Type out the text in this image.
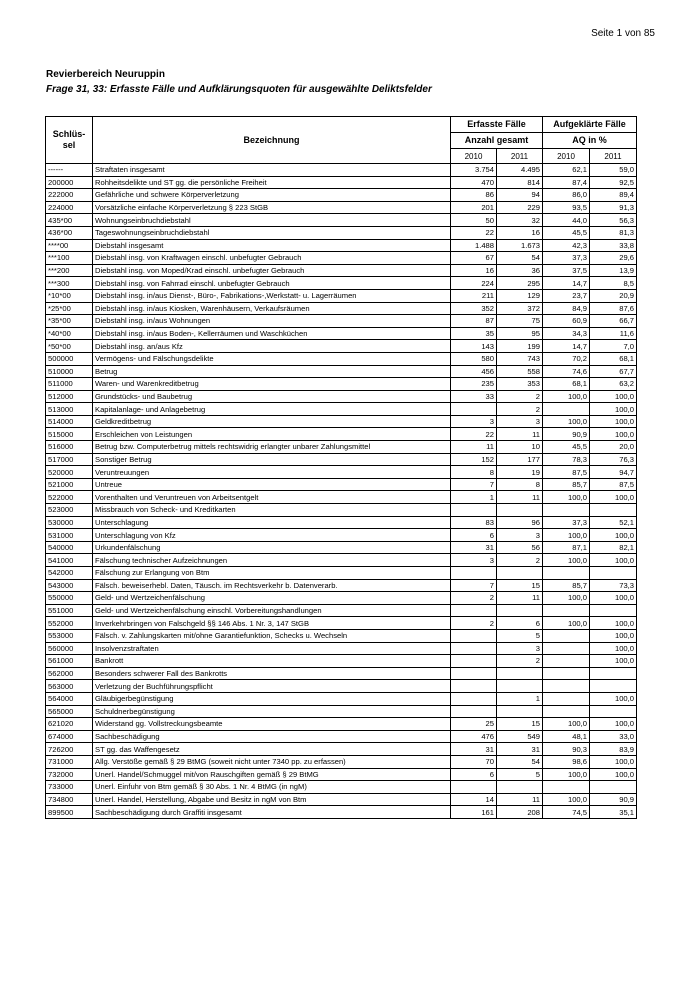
Seite 1 von 85
Revierbereich Neuruppin
Frage 31, 33: Erfasste Fälle und Aufklärungsquoten für ausgewählte Deliktsfelder
Schlüs-
sel	Bezeichnung	Erfasste Fälle		Aufgeklärte Fälle	
		Anzahl gesamt		AQ in %	
		2010	2011	2010	2011
------	Straftaten insgesamt	3.754	4.495	62,1	59,0
200000	Rohheitsdelikte und ST gg. die persönliche Freiheit	470	814	87,4	92,5
222000	Gefährliche und schwere Körperverletzung	86	94	86,0	89,4
224000	Vorsätzliche einfache Körperverletzung § 223 StGB	201	229	93,5	91,3
435*00	Wohnungseinbruchdiebstahl	50	32	44,0	56,3
436*00	Tageswohnungseinbruchdiebstahl	22	16	45,5	81,3
****00	Diebstahl insgesamt	1.488	1.673	42,3	33,8
***100	Diebstahl insg. von Kraftwagen einschl. unbefugter Gebrauch	67	54	37,3	29,6
***200	Diebstahl insg. von Moped/Krad einschl. unbefugter Gebrauch	16	36	37,5	13,9
***300	Diebstahl insg. von Fahrrad einschl. unbefugter Gebrauch	224	295	14,7	8,5
*10*00	Diebstahl insg. in/aus Dienst-, Büro-, Fabrikations-,Werkstatt- u. Lagerräumen	211	129	23,7	20,9
*25*00	Diebstahl insg. in/aus Kiosken, Warenhäusern, Verkaufsräumen	352	372	84,9	87,6
*35*00	Diebstahl insg. in/aus Wohnungen	87	75	60,9	66,7
*40*00	Diebstahl insg. in/aus Boden-, Kellerräumen und Waschküchen	35	95	34,3	11,6
*50*00	Diebstahl insg. an/aus Kfz	143	199	14,7	7,0
500000	Vermögens- und Fälschungsdelikte	580	743	70,2	68,1
510000	Betrug	456	558	74,6	67,7
511000	Waren- und Warenkreditbetrug	235	353	68,1	63,2
512000	Grundstücks- und Baubetrug	33	2	100,0	100,0
513000	Kapitalanlage- und Anlagebetrug		2		100,0
514000	Geldkreditbetrug	3	3	100,0	100,0
515000	Erschleichen von Leistungen	22	11	90,9	100,0
516000	Betrug bzw. Computerbetrug mittels rechtswidrig erlangter unbarer Zahlungsmittel	11	10	45,5	20,0
517000	Sonstiger Betrug	152	177	78,3	76,3
520000	Veruntreuungen	8	19	87,5	94,7
521000	Untreue	7	8	85,7	87,5
522000	Vorenthalten und Veruntreuen von Arbeitsentgelt	1	11	100,0	100,0
523000	Missbrauch von Scheck- und Kreditkarten				
530000	Unterschlagung	83	96	37,3	52,1
531000	Unterschlagung von Kfz	6	3	100,0	100,0
540000	Urkundenfälschung	31	56	87,1	82,1
541000	Fälschung technischer Aufzeichnungen	3	2	100,0	100,0
542000	Fälschung zur Erlangung von Btm				
543000	Fälsch. beweiserhebl. Daten, Täusch. im Rechtsverkehr b. Datenverarb.	7	15	85,7	73,3
550000	Geld- und Wertzeichenfälschung	2	11	100,0	100,0
551000	Geld- und Wertzeichenfälschung einschl. Vorbereitungshandlungen				
552000	Inverkehrbringen von Falschgeld §§ 146 Abs. 1 Nr. 3, 147 StGB	2	6	100,0	100,0
553000	Fälsch. v. Zahlungskarten mit/ohne Garantiefunktion, Schecks u. Wechseln		5		100,0
560000	Insolvenzstraftaten		3		100,0
561000	Bankrott		2		100,0
562000	Besonders schwerer Fall des Bankrotts				
563000	Verletzung der Buchführungspflicht				
564000	Gläubigerbegünstigung		1		100,0
565000	Schuldnerbegünstigung				
621020	Widerstand gg. Vollstreckungsbeamte	25	15	100,0	100,0
674000	Sachbeschädigung	476	549	48,1	33,0
726200	ST gg. das Waffengesetz	31	31	90,3	83,9
731000	Allg. Verstöße gemäß § 29 BtMG (soweit nicht unter 7340 pp. zu erfassen)	70	54	98,6	100,0
732000	Unerl. Handel/Schmuggel mit/von Rauschgiften gemäß § 29 BtMG	6	5	100,0	100,0
733000	Unerl. Einfuhr von Btm gemäß § 30 Abs. 1 Nr. 4 BtMG (in ngM)				
734800	Unerl. Handel, Herstellung, Abgabe und Besitz in ngM von Btm	14	11	100,0	90,9
899500	Sachbeschädigung durch Graffiti insgesamt	161	208	74,5	35,1
